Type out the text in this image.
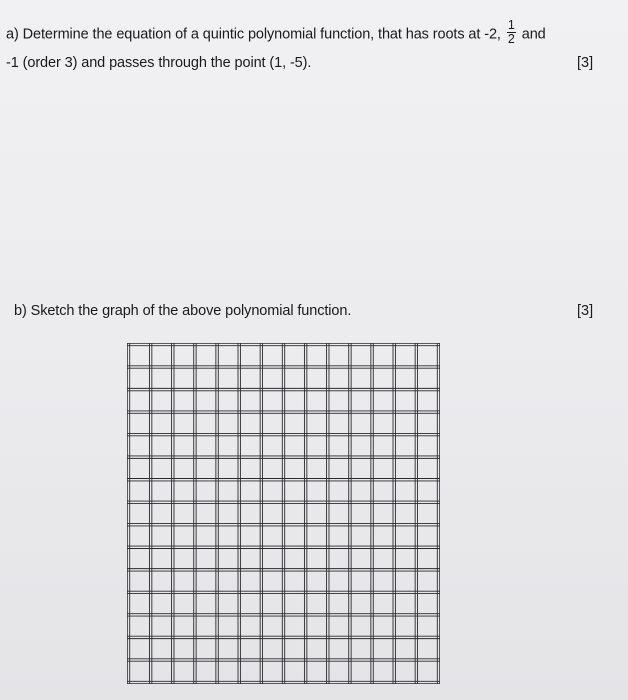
a) Determine the equation of a quintic polynomial function, that has roots at -2, $\frac{1}{2}$ and
-1 (order 3) and passes through the point (1, -5).	[3]
b) Sketch the graph of the above polynomial function.	[3]
